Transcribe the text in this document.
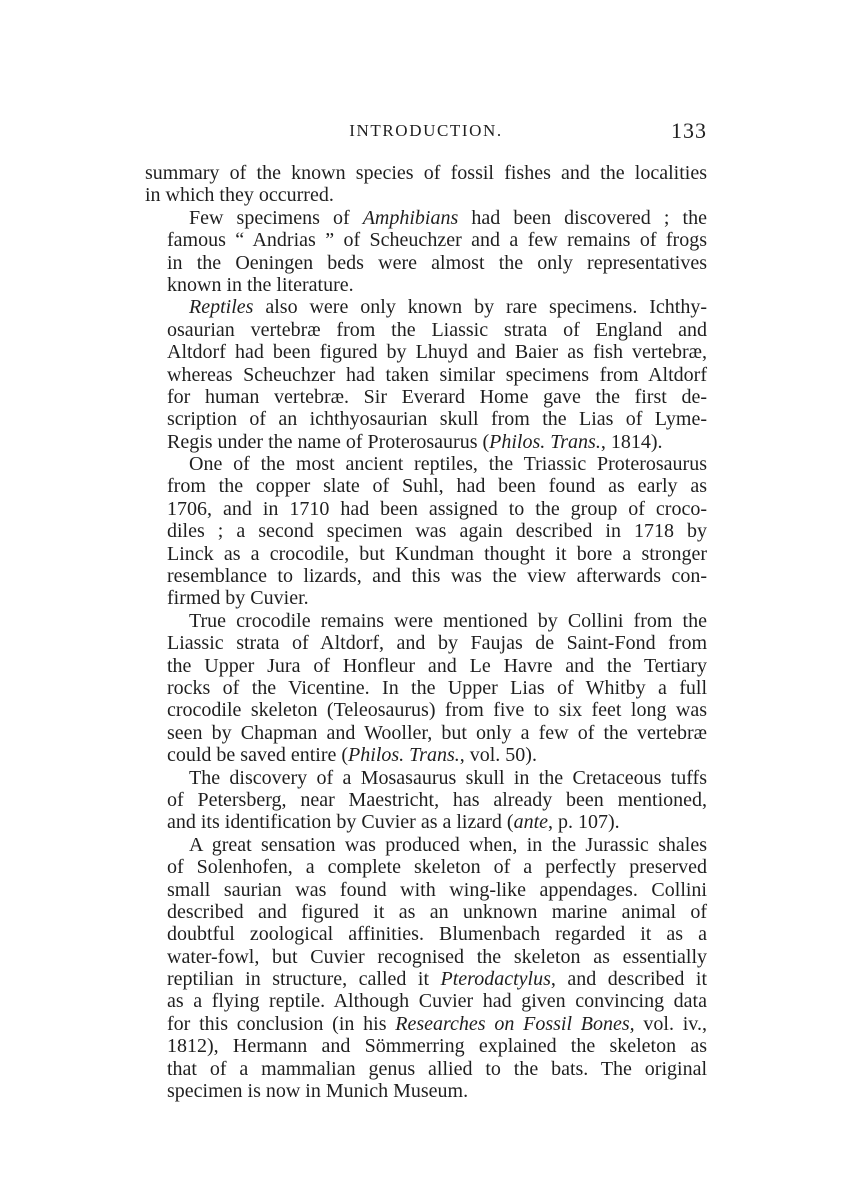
INTRODUCTION.	133
summary of the known species of fossil fishes and the localities
in which they occurred.
Few specimens of Amphibians had been discovered ; the
famous “ Andrias ” of Scheuchzer and a few remains of frogs
in the Oeningen beds were almost the only representatives
known in the literature.
Reptiles also were only known by rare specimens. Ichthy-
osaurian vertebræ from the Liassic strata of England and
Altdorf had been figured by Lhuyd and Baier as fish vertebræ,
whereas Scheuchzer had taken similar specimens from Altdorf
for human vertebræ. Sir Everard Home gave the first de-
scription of an ichthyosaurian skull from the Lias of Lyme-
Regis under the name of Proterosaurus (Philos. Trans., 1814).
One of the most ancient reptiles, the Triassic Proterosaurus
from the copper slate of Suhl, had been found as early as
1706, and in 1710 had been assigned to the group of croco-
diles ; a second specimen was again described in 1718 by
Linck as a crocodile, but Kundman thought it bore a stronger
resemblance to lizards, and this was the view afterwards con-
firmed by Cuvier.
True crocodile remains were mentioned by Collini from the
Liassic strata of Altdorf, and by Faujas de Saint-Fond from
the Upper Jura of Honfleur and Le Havre and the Tertiary
rocks of the Vicentine. In the Upper Lias of Whitby a full
crocodile skeleton (Teleosaurus) from five to six feet long was
seen by Chapman and Wooller, but only a few of the vertebræ
could be saved entire (Philos. Trans., vol. 50).
The discovery of a Mosasaurus skull in the Cretaceous tuffs
of Petersberg, near Maestricht, has already been mentioned,
and its identification by Cuvier as a lizard (ante, p. 107).
A great sensation was produced when, in the Jurassic shales
of Solenhofen, a complete skeleton of a perfectly preserved
small saurian was found with wing-like appendages. Collini
described and figured it as an unknown marine animal of
doubtful zoological affinities. Blumenbach regarded it as a
water-fowl, but Cuvier recognised the skeleton as essentially
reptilian in structure, called it Pterodactylus, and described it
as a flying reptile. Although Cuvier had given convincing data
for this conclusion (in his Researches on Fossil Bones, vol. iv.,
1812), Hermann and Sömmerring explained the skeleton as
that of a mammalian genus allied to the bats. The original
specimen is now in Munich Museum.
